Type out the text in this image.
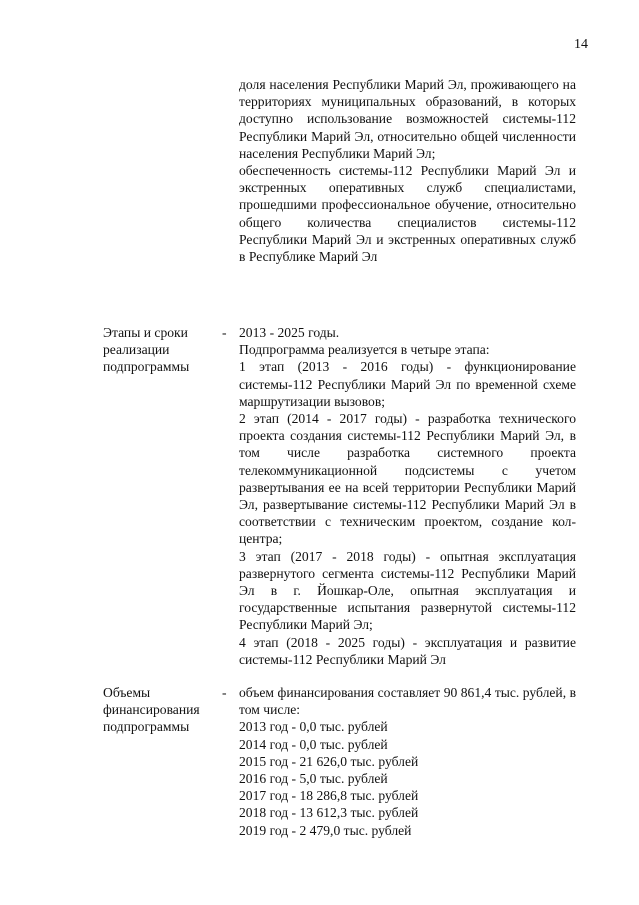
14

доля населения Республики Марий Эл, проживающего на территориях муниципальных образований, в которых доступно использование возможностей системы-112 Республики Марий Эл, относительно общей численности населения Республики Марий Эл;

обеспеченность системы-112 Республики Марий Эл и экстренных оперативных служб специалистами, прошедшими профессиональное обучение, относительно общего количества специалистов системы-112 Республики Марий Эл и экстренных оперативных служб в Республике Марий Эл

Этапы и сроки
реализации
подпрограммы
- 2013 - 2025 годы.

Подпрограмма реализуется в четыре этапа:

1 этап (2013 - 2016 годы) - функционирование системы-112 Республики Марий Эл по временной схеме маршрутизации вызовов;

2 этап (2014 - 2017 годы) - разработка технического проекта создания системы-112 Республики Марий Эл, в том числе разработка системного проекта телекоммуникационной подсистемы с учетом развертывания ее на всей территории Республики Марий Эл, развертывание системы-112 Республики Марий Эл в соответствии с техническим проектом, создание кол-центра;

3 этап (2017 - 2018 годы) - опытная эксплуатация развернутого сегмента системы-112 Республики Марий Эл в г. Йошкар-Оле, опытная эксплуатация и государственные испытания развернутой системы-112 Республики Марий Эл;

4 этап (2018 - 2025 годы) - эксплуатация и развитие системы-112 Республики Марий Эл

Объемы
финансирования
подпрограммы
- объем финансирования составляет 90 861,4 тыс. рублей, в том числе:

2013 год - 0,0 тыс. рублей

2014 год - 0,0 тыс. рублей

2015 год - 21 626,0 тыс. рублей

2016 год - 5,0 тыс. рублей

2017 год - 18 286,8 тыс. рублей

2018 год - 13 612,3 тыс. рублей

2019 год - 2 479,0 тыс. рублей
